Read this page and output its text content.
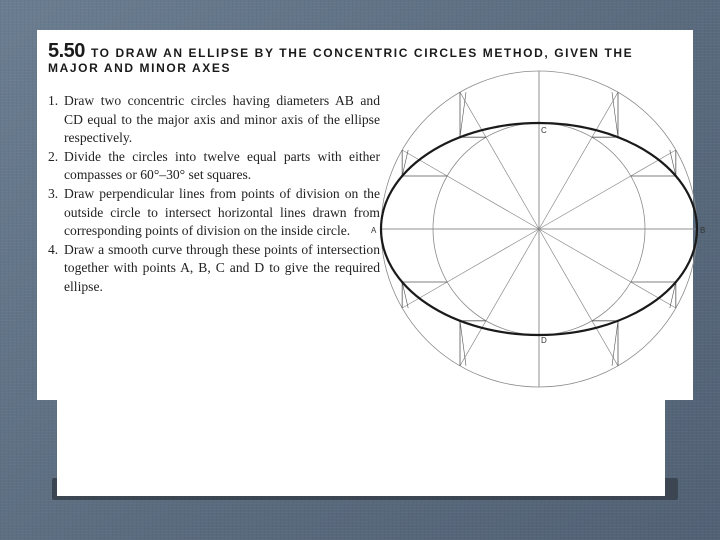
5.50 TO DRAW AN ELLIPSE BY THE CONCENTRIC CIRCLES METHOD, GIVEN THE
MAJOR AND MINOR AXES
1. Draw two concentric circles having diameters AB and CD equal to the major axis and minor axis of the ellipse respectively.
2. Divide the circles into twelve equal parts with either compasses or 60°–30° set squares.
3. Draw perpendicular lines from points of division on the outside circle to intersect horizontal lines drawn from corresponding points of division on the inside circle.
4. Draw a smooth curve through these points of intersection together with points A, B, C and D to give the required ellipse.
A	B
C
D
